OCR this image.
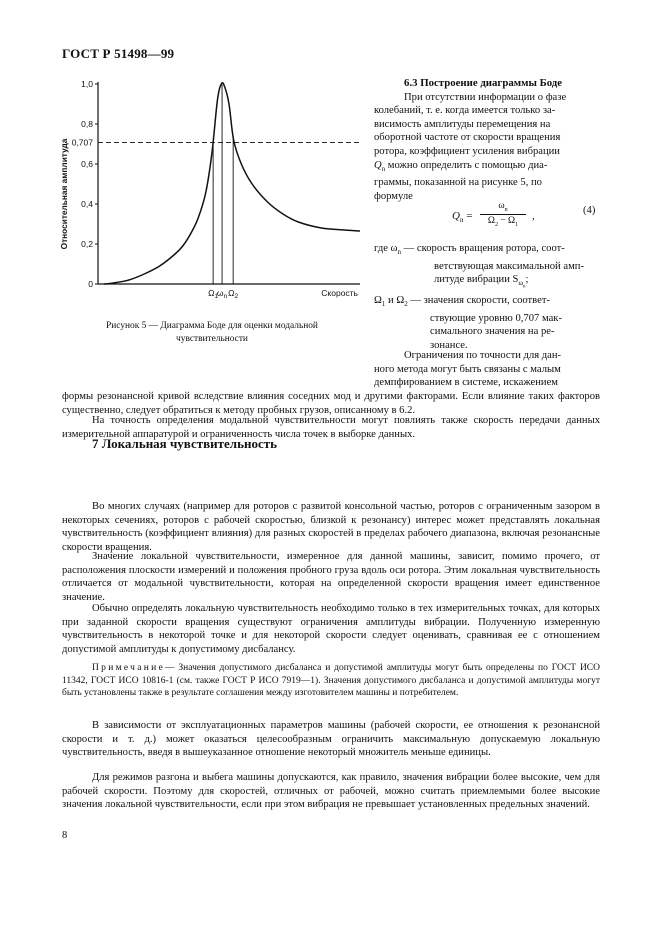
ГОСТ Р 51498—99
0
0,2
0,4
0,6
0,8
1,0
0,707
Относительная амплитуда
Скорость
$\Omega_1$
$\omega_n$ $\Omega_2$

Рисунок 5 — Диаграмма Боде для оценки модальной
чувствительности

6.3 Построение диаграммы Боде

При отсутствии информации о фазе
колебаний, т. е. когда имеется только за-
висимость амплитуды перемещения на
оборотной частоте от скорости вращения
ротора, коэффициент усиления вибрации
$Q_n$ можно определить с помощью диа-
граммы, показанной на рисунке 5, по
формуле

$Q_n = \frac{\omega_n}{\Omega_2 - \Omega_1}$ ,	(4)
где $\omega_n$ — скорость вращения ротора, соот-
ветствующая максимальной амп-
литуде вибрации $S_{\omega_n}$;
$\Omega_1$ и $\Omega_2$ — значения скорости, соответ-
ствующие уровню 0,707 мак-
симального значения на ре-
зонансе.

Ограничения по точности для дан-
ного метода могут быть связаны с малым
демпфированием в системе, искажением

формы резонансной кривой вследствие влияния соседних мод и другими факторами. Если влияние таких факторов существенно, следует обратиться к методу пробных грузов, описанному в 6.2.

На точность определения модальной чувствительности могут повлиять также скорость передачи данных измерительной аппаратурой и ограниченность числа точек в выборке данных.

7 Локальная чувствительность

Во многих случаях (например для роторов с развитой консольной частью, роторов с ограниченным зазором в некоторых сечениях, роторов с рабочей скоростью, близкой к резонансу) интерес может представлять локальная чувствительность (коэффициент влияния) для разных скоростей в пределах рабочего диапазона, включая резонансные скорости вращения.

Значение локальной чувствительности, измеренное для данной машины, зависит, помимо прочего, от расположения плоскости измерений и положения пробного груза вдоль оси ротора. Этим локальная чувствительность отличается от модальной чувствительности, которая на определенной скорости вращения имеет единственное значение.

Обычно определять локальную чувствительность необходимо только в тех измерительных точках, для которых при заданной скорости вращения существуют ограничения амплитуды вибрации. Полученную измеренную чувствительность в некоторой точке и для некоторой скорости следует оценивать, сравнивая ее с отношением допустимой амплитуды к допустимому дисбалансу.

Примечание— Значения допустимого дисбаланса и допустимой амплитуды могут быть определены по ГОСТ ИСО 11342, ГОСТ ИСО 10816-1 (см. также ГОСТ Р ИСО 7919—1). Значения допустимого дисбаланса и допустимой амплитуды могут быть установлены также в результате соглашения между изготовителем машины и потребителем.

В зависимости от эксплуатационных параметров машины (рабочей скорости, ее отношения к резонансной скорости и т. д.) может оказаться целесообразным ограничить максимальную допускаемую локальную чувствительность, введя в вышеуказанное отношение некоторый множитель меньше единицы.

Для режимов разгона и выбега машины допускаются, как правило, значения вибрации более высокие, чем для рабочей скорости. Поэтому для скоростей, отличных от рабочей, можно считать приемлемыми более высокие значения локальной чувствительности, если при этом вибрация не превышает установленных предельных значений.

8
